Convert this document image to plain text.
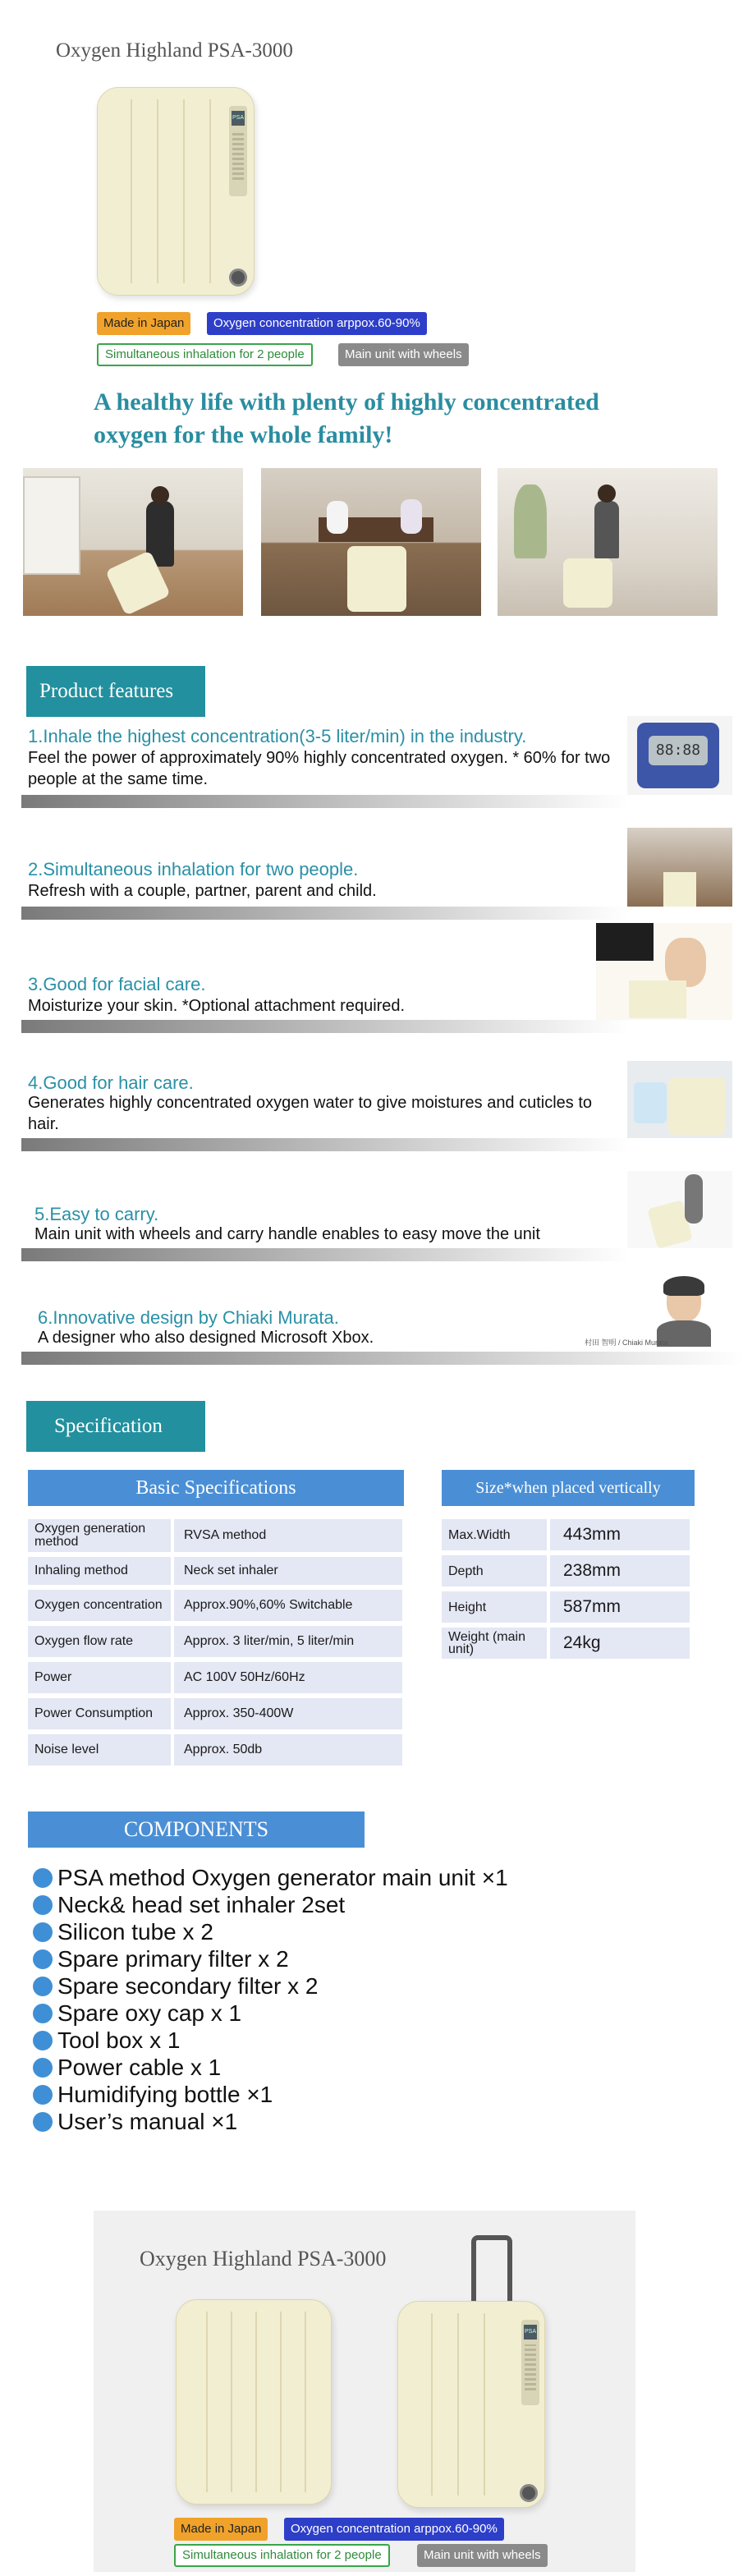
Oxygen Highland PSA-3000
PSA
Made in Japan	Oxygen concentration arppox.60-90%
Simultaneous inhalation for 2 people	Main unit with wheels
A healthy life with plenty of highly concentrated oxygen for the whole family!
Product features
1.Inhale the highest concentration(3-5 liter/min) in the industry.
Feel the power of approximately 90% highly concentrated oxygen. * 60% for two people at the same time.
88:88
2.Simultaneous inhalation for two people.
Refresh with a couple, partner, parent and child.
3.Good for facial care.
Moisturize your skin. *Optional attachment required.
4.Good for hair care.
Generates highly concentrated oxygen water to give moistures and cuticles to hair.
5.Easy to carry.
Main unit with wheels and carry handle enables to easy move the unit
6.Innovative design by Chiaki Murata.
A designer who also designed Microsoft Xbox.	村田 智明 / Chiaki Murata
Specification
Basic Specifications
Oxygen generation method	RVSA method
Inhaling method	Neck set inhaler
Oxygen concentration	Approx.90%,60% Switchable
Oxygen flow rate	Approx. 3 liter/min, 5 liter/min
Power	AC 100V 50Hz/60Hz
Power Consumption	Approx. 350-400W
Noise level	Approx. 50db
Size*when placed vertically
Max.Width	443mm
Depth	238mm
Height	587mm
Weight (main unit)	24kg
COMPONENTS
PSA method Oxygen generator main unit ×1
Neck& head set inhaler 2set
Silicon tube x 2
Spare primary filter x 2
Spare secondary filter x 2
Spare oxy cap x 1
Tool box x 1
Power cable x 1
Humidifying bottle ×1
User’s manual ×1
Oxygen Highland PSA-3000
PSA
Made in Japan	Oxygen concentration arppox.60-90%
Simultaneous inhalation for 2 people	Main unit with wheels
